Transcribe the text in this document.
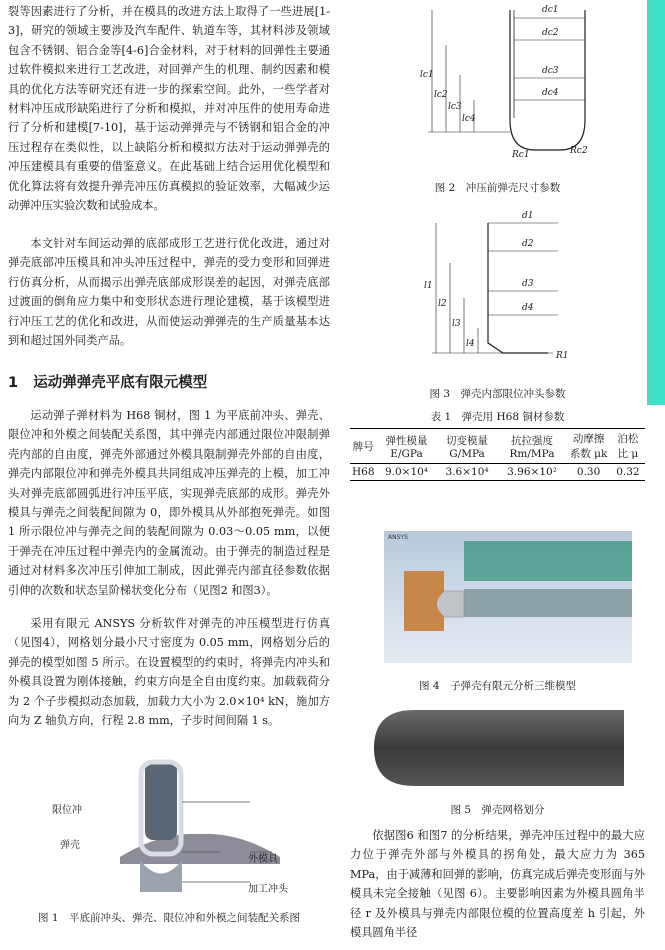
裂等因素进行了分析，并在模具的改进方法上取得了一些进展[1-3]，研究的领域主要涉及汽车配件、轨道车等，其材料涉及领域包含不锈钢、铝合金等[4-6]合金材料，对于材料的回弹性主要通过软件模拟来进行工艺改进，对回弹产生的机理、制约因素和模具的优化方法等研究还有进一步的探索空间。此外，一些学者对材料冲压成形缺陷进行了分析和模拟，并对冲压件的使用寿命进行了分析和建模[7-10]，基于运动弹弹壳与不锈钢和铝合金的冲压过程存在类似性，以上缺陷分析和模拟方法对于运动弹弹壳的冲压建模具有重要的借鉴意义。在此基础上结合运用优化模型和优化算法将有效提升弹壳冲压仿真模拟的验证效率，大幅减少运动弹冲压实验次数和试验成本。

本文针对车间运动弹的底部成形工艺进行优化改进，通过对弹壳底部冲压模具和冲头冲压过程中，弹壳的受力变形和回弹进行仿真分析，从而揭示出弹壳底部成形误差的起因，对弹壳底部过渡面的倒角应力集中和变形状态进行理论建模，基于该模型进行冲压工艺的优化和改进，从而使运动弹弹壳的生产质量基本达到和超过国外同类产品。

1 运动弹弹壳平底有限元模型

运动弹子弹材料为 H68 铜材，图 1 为平底前冲头、弹壳、限位冲和外模之间装配关系图，其中弹壳内部通过限位冲限制弹壳内部的自由度，弹壳外部通过外模具限制弹壳外部的自由度，弹壳内部限位冲和弹壳外模具共同组成冲压弹壳的上模，加工冲头对弹壳底部圆弧进行冲压平底，实现弹壳底部的成形。弹壳外模具与弹壳之间装配间隙为 0，即外模具从外部抱死弹壳。如图 1 所示限位冲与弹壳之间的装配间隙为 0.03～0.05 mm，以便于弹壳在冲压过程中弹壳内的金属流动。由于弹壳的制造过程是通过对材料多次冲压引伸加工制成，因此弹壳内部直径参数依据引伸的次数和状态呈阶梯状变化分布（见图2 和图3）。

采用有限元 ANSYS 分析软件对弹壳的冲压模型进行仿真（见图4），网格划分最小尺寸密度为 0.05 mm，网格划分后的弹壳的模型如图 5 所示。在设置模型的约束时，将弹壳内冲头和外模具设置为刚体接触，约束方向是全自由度约束。加载载荷分为 2 个子步模拟动态加载，加载力大小为 2.0×10⁴ kN，施加方向为 Z 轴负方向，行程 2.8 mm，子步时间间隔 1 s。

限位冲
弹壳
外模具
加工冲头

图 1　平底前冲头、弹壳、限位冲和外模之间装配关系图

dc1
dc2
dc3
dc4
lc1
lc2
lc3
lc4
Rc1	Rc2

图 2　冲压前弹壳尺寸参数

d1
d2
d3
d4
l1
l2
l3
l4
R1

图 3　弹壳内部限位冲头参数

表 1　弹壳用 H68 铜材参数

牌号	弹性模量 E/GPa	切变模量 G/MPa	抗拉强度 Rm/MPa	动摩擦系数 μk	泊松比 μ
H68	9.0×10⁴	3.6×10⁴	3.96×10²	0.30	0.32
ANSYS

图 4　子弹壳有限元分析三维模型

图 5　弹壳网格划分

依据图6 和图7 的分析结果，弹壳冲压过程中的最大应力位于弹壳外部与外模具的拐角处，最大应力为 365 MPa，由于减薄和回弹的影响，仿真完成后弹壳变形面与外模具未完全接触（见图 6）。主要影响因素为外模具圆角半径 r 及外模具与弹壳内部限位模的位置高度差 h 引起，外模具圆角半径
